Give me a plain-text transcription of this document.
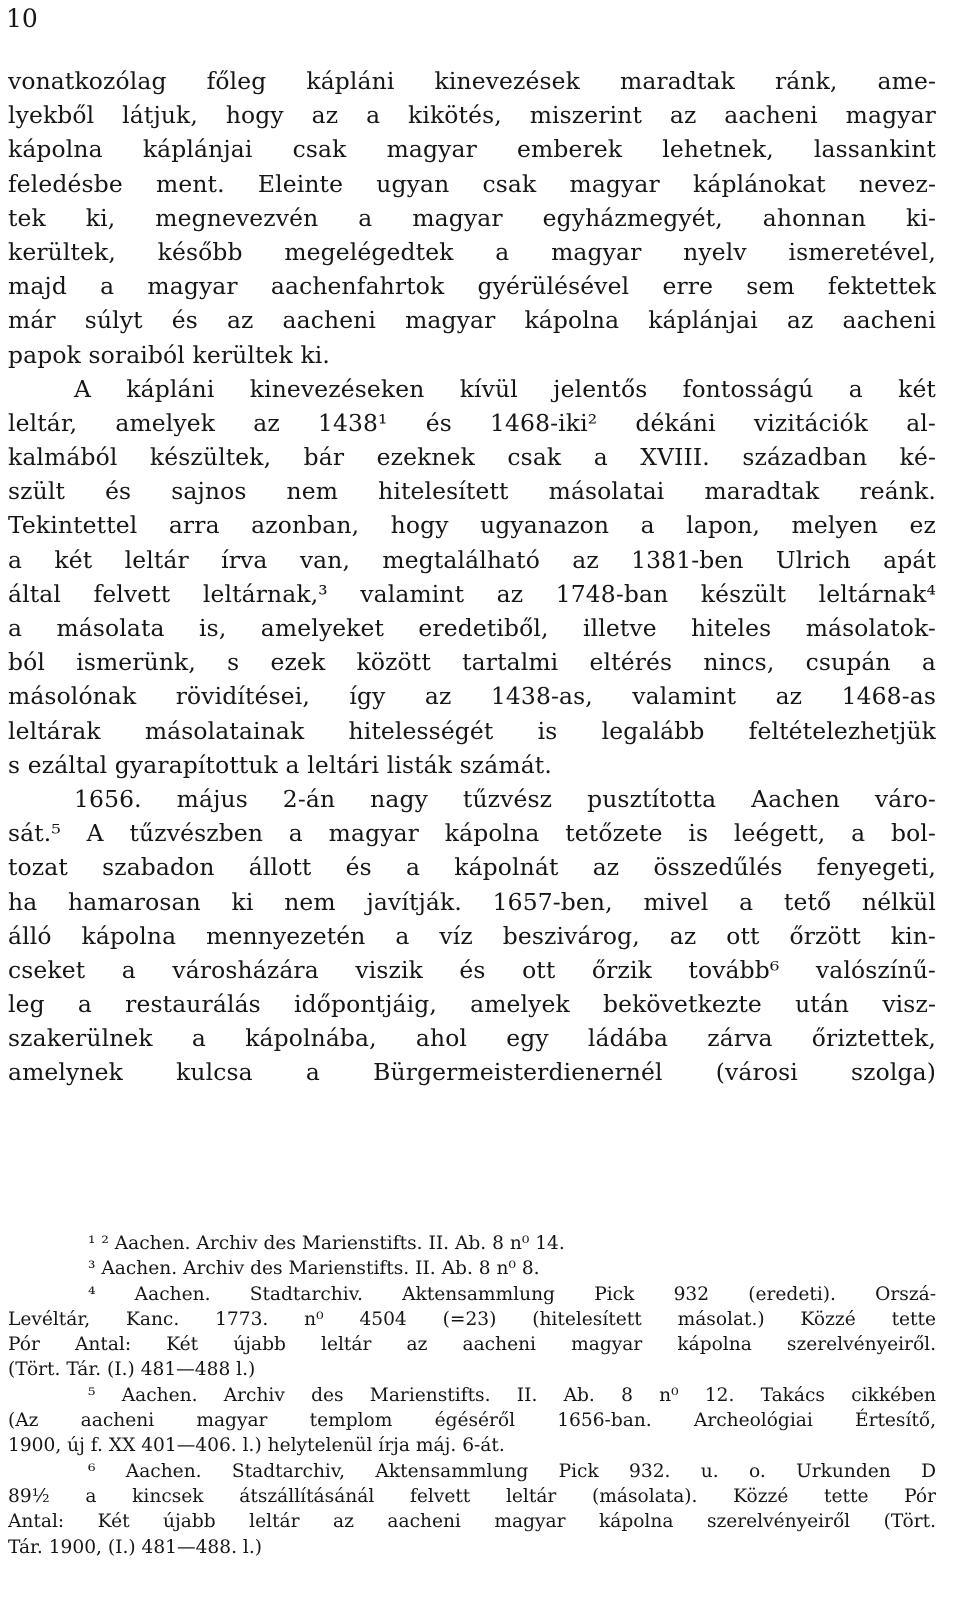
10
vonatkozólag főleg káplánі kinevezések maradtak ránk, ame-
lyekből látjuk, hogy az a kikötés, miszerint az aacheni magyar
kápolna káplánjai csak magyar emberek lehetnek, lassankint
feledésbe ment. Eleinte ugyan csak magyar káplánokat nevez-
tek ki, megnevezvén a magyar egyházmegyét, ahonnan ki-
kerültek, később megelégedtek a magyar nyelv ismeretével,
majd a magyar aachenfahrtok gyérülésével erre sem fektettek
már súlyt és az aacheni magyar kápolna káplánjai az aacheni
papok soraiból kerültek ki.
A káplánі kinevezéseken kívül jelentős fontosságú a két
leltár, amelyek az 1438¹ és 1468-iki² dékáni vizitációk al-
kalmából készültek, bár ezeknek csak a XVIII. században ké-
szült és sajnos nem hitelesített másolatai maradtak reánk.
Tekintettel arra azonban, hogy ugyanazon a lapon, melyen ez
a két leltár írva van, megtalálható az 1381-ben Ulrich apát
által felvett leltárnak,³ valamint az 1748-ban készült leltárnak⁴
a másolata is, amelyeket eredetiből, illetve hiteles másolatok-
ból ismerünk, s ezek között tartalmi eltérés nincs, csupán a
másolónak rövidítései, így az 1438-as, valamint az 1468-as
leltárak másolatainak hitelességét is legalább feltételezhetjük
s ezáltal gyarapítottuk a leltári listák számát.
1656. május 2-án nagy tűzvész pusztította Aachen váro-
sát.⁵ A tűzvészben a magyar kápolna tetőzete is leégett, a bol-
tozat szabadon állott és a kápolnát az összedűlés fenyegeti,
ha hamarosan ki nem javítják. 1657-ben, mivel a tető nélkül
álló kápolna mennyezetén a víz beszivárog, az ott őrzött kin-
cseket a városházára viszik és ott őrzik tovább⁶ valószínű-
leg a restaurálás időpontjáig, amelyek bekövetkezte után visz-
szakerülnek a kápolnába, ahol egy ládába zárva őriztettek,
amelynek kulcsa a Bürgermeisterdienernél (városi szolga)
¹ ² Aachen. Archiv des Marienstifts. II. Ab. 8 n⁰ 14.
³ Aachen. Archiv des Marienstifts. II. Ab. 8 n⁰ 8.
⁴ Aachen. Stadtarchiv. Aktensammlung Pick 932 (eredeti). Orszá-
Levéltár, Kanc. 1773. n⁰ 4504 (=23) (hitelesített másolat.) Közzé tette
Pór Antal: Két újabb leltár az aacheni magyar kápolna szerelvényeiről.
(Tört. Tár. (I.) 481—488 l.)
⁵ Aachen. Archiv des Marienstifts. II. Ab. 8 n⁰ 12. Takács cikkében
(Az aacheni magyar templom égéséről 1656-ban. Archeológiai Értesítő,
1900, új f. XX 401—406. l.) helytelenül írja máj. 6-át.
⁶ Aachen. Stadtarchiv, Aktensammlung Pick 932. u. o. Urkunden D
89½ a kincsek átszállításánál felvett leltár (másolata). Közzé tette Pór
Antal: Két újabb leltár az aacheni magyar kápolna szerelvényeiről (Tört.
Tár. 1900, (I.) 481—488. l.)
